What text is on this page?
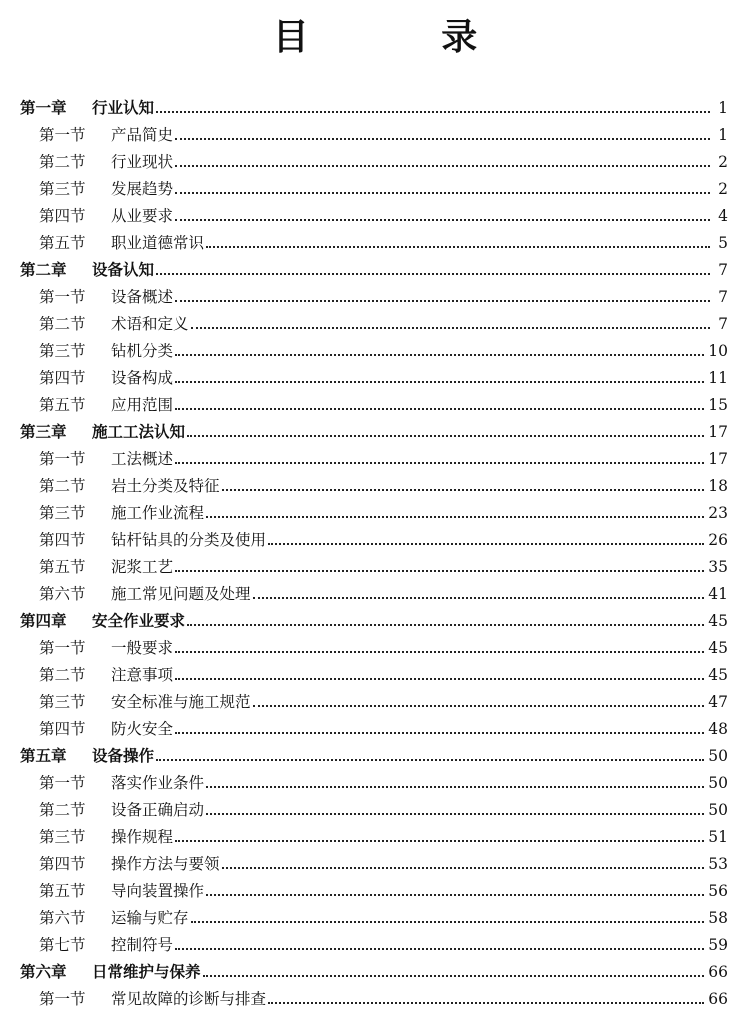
目 录
第一章	行业认知	1
第一节	产品简史	1
第二节	行业现状	2
第三节	发展趋势	2
第四节	从业要求	4
第五节	职业道德常识	5
第二章	设备认知	7
第一节	设备概述	7
第二节	术语和定义	7
第三节	钻机分类	10
第四节	设备构成	11
第五节	应用范围	15
第三章	施工工法认知	17
第一节	工法概述	17
第二节	岩土分类及特征	18
第三节	施工作业流程	23
第四节	钻杆钻具的分类及使用	26
第五节	泥浆工艺	35
第六节	施工常见问题及处理	41
第四章	安全作业要求	45
第一节	一般要求	45
第二节	注意事项	45
第三节	安全标准与施工规范	47
第四节	防火安全	48
第五章	设备操作	50
第一节	落实作业条件	50
第二节	设备正确启动	50
第三节	操作规程	51
第四节	操作方法与要领	53
第五节	导向装置操作	56
第六节	运输与贮存	58
第七节	控制符号	59
第六章	日常维护与保养	66
第一节	常见故障的诊断与排查	66
